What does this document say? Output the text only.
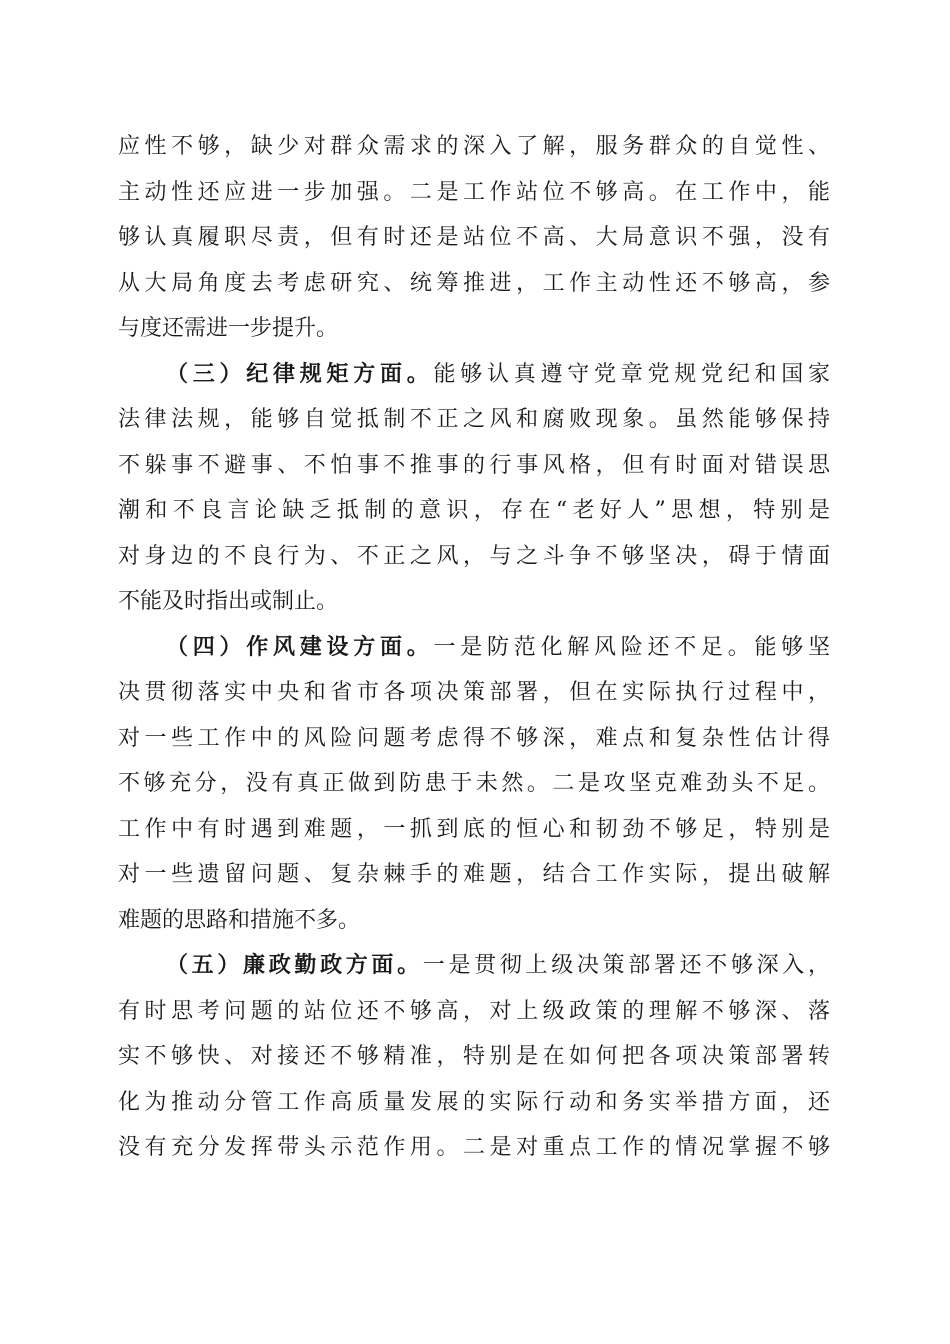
应性不够，缺少对群众需求的深入了解，服务群众的自觉性、
主动性还应进一步加强。二是工作站位不够高。在工作中，能
够认真履职尽责，但有时还是站位不高、大局意识不强，没有
从大局角度去考虑研究、统筹推进，工作主动性还不够高，参
与度还需进一步提升。
（三）纪律规矩方面。能够认真遵守党章党规党纪和国家
法律法规，能够自觉抵制不正之风和腐败现象。虽然能够保持
不躲事不避事、不怕事不推事的行事风格，但有时面对错误思
潮和不良言论缺乏抵制的意识，存在“老好人”思想，特别是
对身边的不良行为、不正之风，与之斗争不够坚决，碍于情面
不能及时指出或制止。
（四）作风建设方面。一是防范化解风险还不足。能够坚
决贯彻落实中央和省市各项决策部署，但在实际执行过程中，
对一些工作中的风险问题考虑得不够深，难点和复杂性估计得
不够充分，没有真正做到防患于未然。二是攻坚克难劲头不足。
工作中有时遇到难题，一抓到底的恒心和韧劲不够足，特别是
对一些遗留问题、复杂棘手的难题，结合工作实际，提出破解
难题的思路和措施不多。
（五）廉政勤政方面。一是贯彻上级决策部署还不够深入，
有时思考问题的站位还不够高，对上级政策的理解不够深、落
实不够快、对接还不够精准，特别是在如何把各项决策部署转
化为推动分管工作高质量发展的实际行动和务实举措方面，还
没有充分发挥带头示范作用。二是对重点工作的情况掌握不够
